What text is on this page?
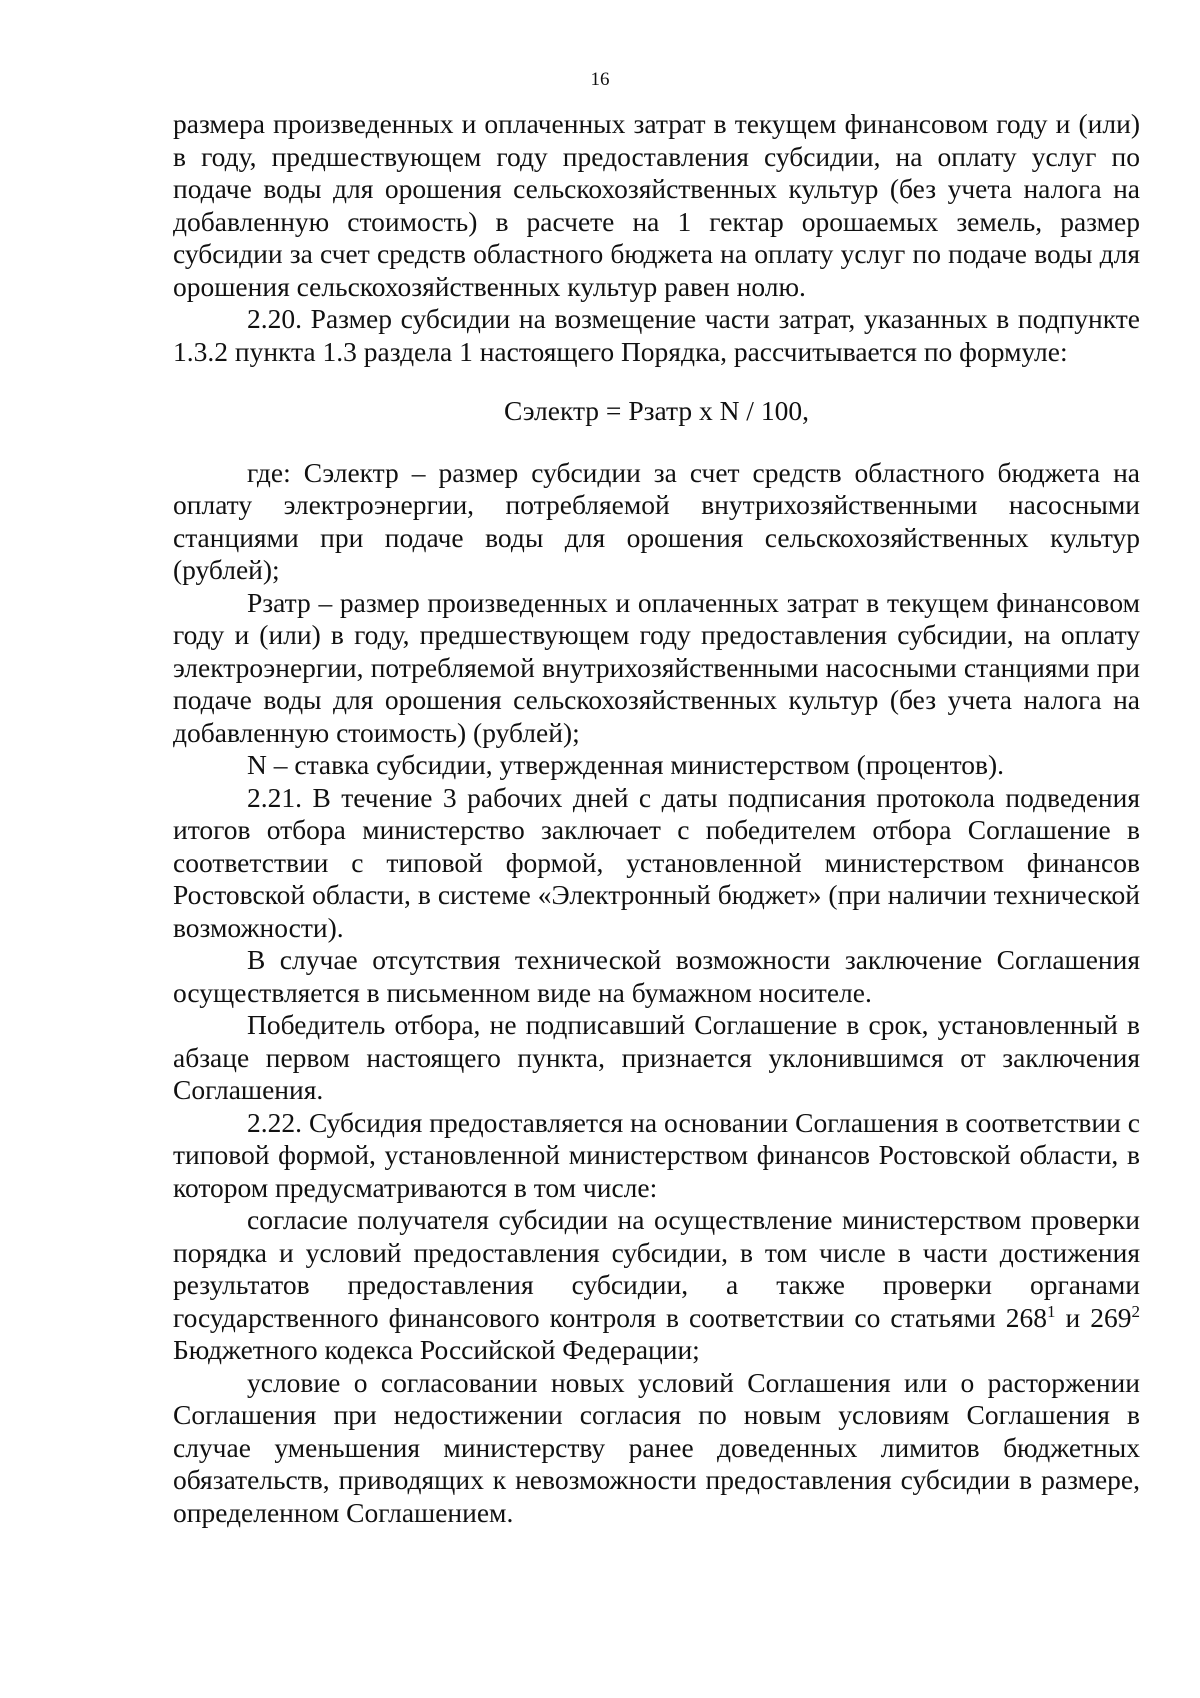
16

размера произведенных и оплаченных затрат в текущем финансовом году и (или) в году, предшествующем году предоставления субсидии, на оплату услуг по подаче воды для орошения сельскохозяйственных культур (без учета налога на добавленную стоимость) в расчете на 1 гектар орошаемых земель, размер субсидии за счет средств областного бюджета на оплату услуг по подаче воды для орошения сельскохозяйственных культур равен нолю.

2.20. Размер субсидии на возмещение части затрат, указанных в подпункте 1.3.2 пункта 1.3 раздела 1 настоящего Порядка, рассчитывается по формуле:

Сэлектр = Рзатр x N / 100,

где: Сэлектр – размер субсидии за счет средств областного бюджета на оплату электроэнергии, потребляемой внутрихозяйственными насосными станциями при подаче воды для орошения сельскохозяйственных культур (рублей);

Рзатр – размер произведенных и оплаченных затрат в текущем финансовом году и (или) в году, предшествующем году предоставления субсидии, на оплату электроэнергии, потребляемой внутрихозяйственными насосными станциями при подаче воды для орошения сельскохозяйственных культур (без учета налога на добавленную стоимость) (рублей);

N – ставка субсидии, утвержденная министерством (процентов).

2.21. В течение 3 рабочих дней с даты подписания протокола подведения итогов отбора министерство заключает с победителем отбора Соглашение в соответствии с типовой формой, установленной министерством финансов Ростовской области, в системе «Электронный бюджет» (при наличии технической возможности).

В случае отсутствия технической возможности заключение Соглашения осуществляется в письменном виде на бумажном носителе.

Победитель отбора, не подписавший Соглашение в срок, установленный в абзаце первом настоящего пункта, признается уклонившимся от заключения Соглашения.

2.22. Субсидия предоставляется на основании Соглашения в соответствии с типовой формой, установленной министерством финансов Ростовской области, в котором предусматриваются в том числе:

согласие получателя субсидии на осуществление министерством проверки порядка и условий предоставления субсидии, в том числе в части достижения результатов предоставления субсидии, а также проверки органами государственного финансового контроля в соответствии со статьями $268^1$ и $269^2$ Бюджетного кодекса Российской Федерации;

условие о согласовании новых условий Соглашения или о расторжении Соглашения при недостижении согласия по новым условиям Соглашения в случае уменьшения министерству ранее доведенных лимитов бюджетных обязательств, приводящих к невозможности предоставления субсидии в размере, определенном Соглашением.
